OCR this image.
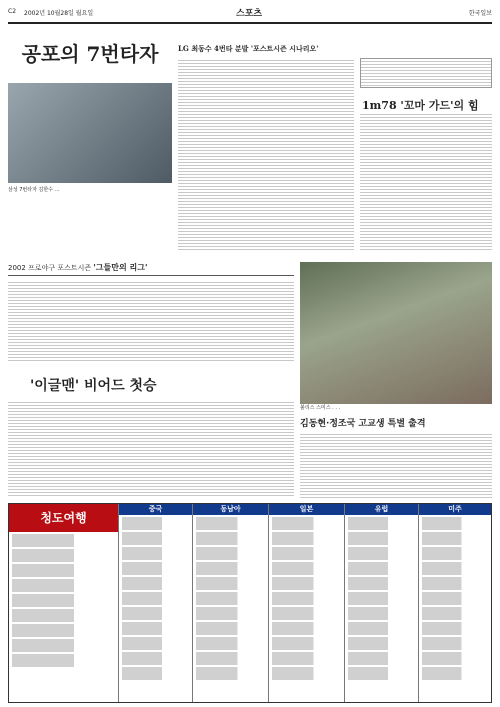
C2 2002년 10월28일 월요일	스포츠	한국일보
공포의 7번타자
삼성 7번타자 김한수 …
LG 최동수 4번타 분발 '포스트시즌 시나리오'
1m78 '꼬마 가드'의 힘
2002 프로야구 포스트시즌 '그들만의 리그'
'이글맨' 비어드 첫승
볼리스 스미스 . . .
김동현·정조국 고교생 특별 출격
청도여행
중국	동남아	일본	유럽	미주
